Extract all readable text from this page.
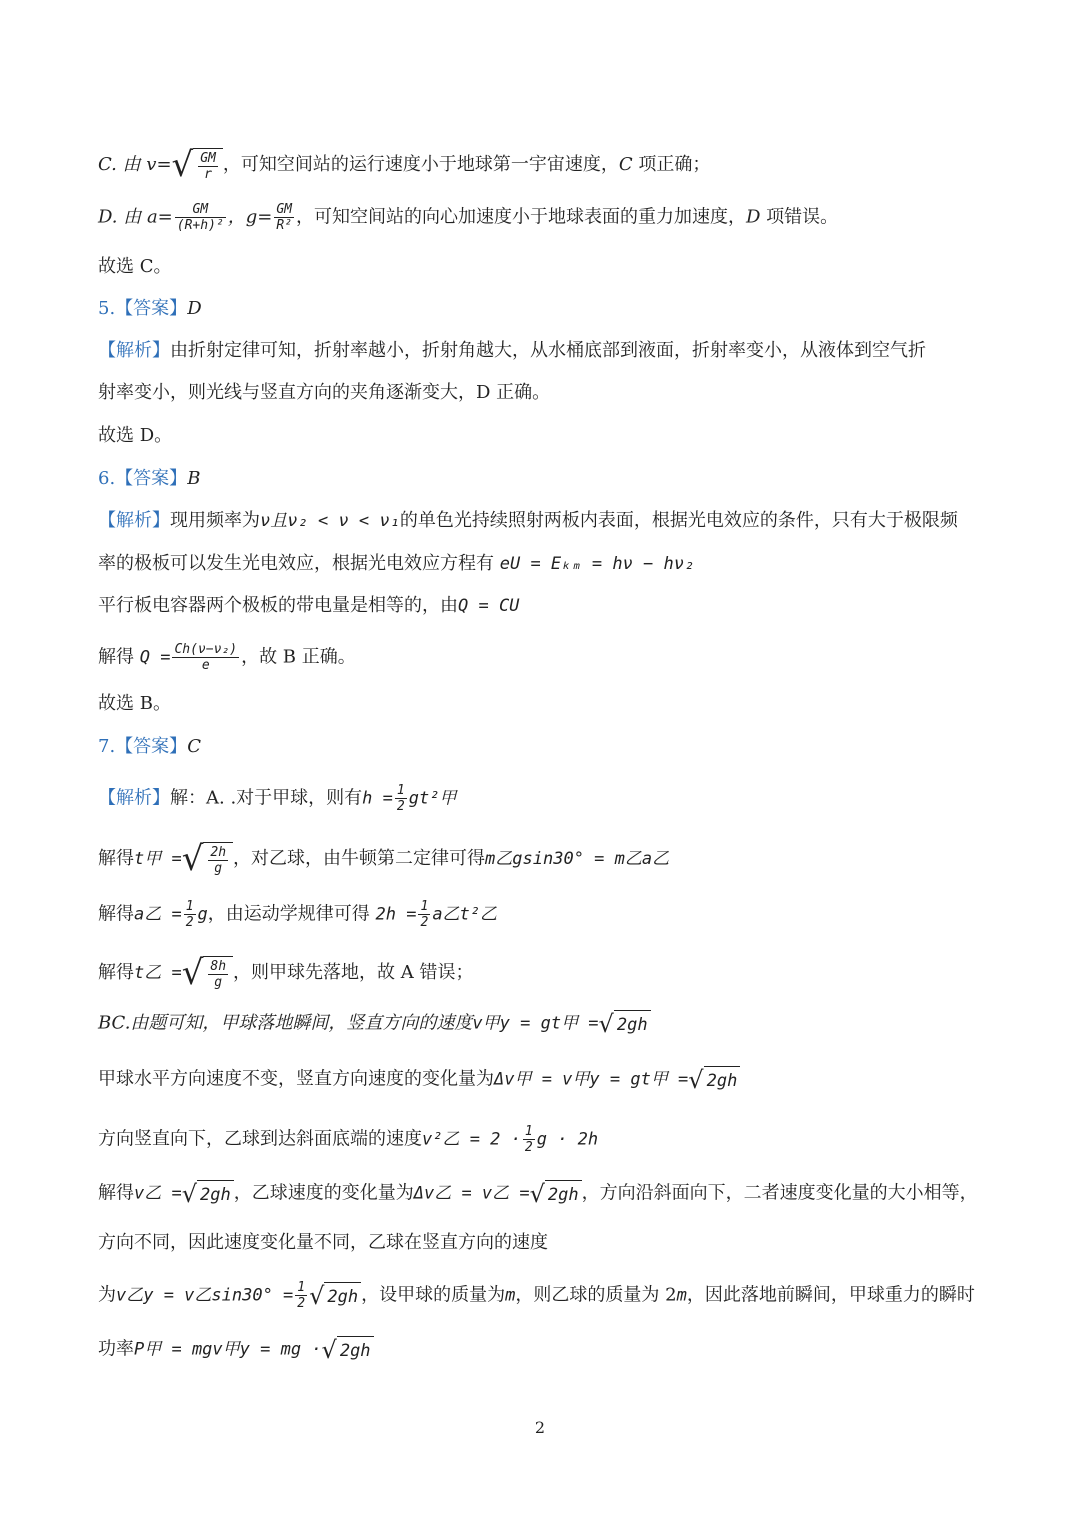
C. 由 $v=√ \frac{GM}{r}$ ，可知空间站的运行速度小于地球第一宇宙速度，C 项正确；
D. 由 $a= \frac{GM}{\text{(R+h)²}}$ ，$g= \frac{GM}{\text{R²}}$ ，可知空间站的向心加速度小于地球表面的重力加速度，D 项错误。
故选 C。
5.【答案】D
【解析】由折射定律可知，折射率越小，折射角越大，从水桶底部到液面，折射率变小，从液体到空气折
射率变小，则光线与竖直方向的夹角逐渐变大，D 正确。
故选 D。
6.【答案】B
【解析】现用频率为ν且ν₂ < ν < ν₁的单色光持续照射两板内表面，根据光电效应的条件，只有大于极限频
率的极板可以发生光电效应，根据光电效应方程有 eU = Eₖₘ = hν − hν₂
平行板电容器两个极板的带电量是相等的，由Q = CU
解得 $Q = \frac{\text{Ch(ν−ν₂)}}{e}$ ，故 B 正确。
故选 B。
7.【答案】C
【解析】解：A. .对于甲球，则有$h = \frac{1}{2} gt^2$甲
解得t甲 =√ $\frac{2h}{g}$ ，对乙球，由牛顿第二定律可得m乙gsin30° = m乙a乙
解得a乙 = $\frac{1}{2}$ g，由运动学规律可得 $2h = \frac{1}{2}$ a乙t²乙
解得t乙 =√ $\frac{8h}{g}$ ，则甲球先落地，故 A 错误；
BC.由题可知，甲球落地瞬间，竖直方向的速度v甲y = gt甲 =√ 2gh
甲球水平方向速度不变，竖直方向速度的变化量为Δv甲 = v甲y = gt甲 =√ 2gh
方向竖直向下，乙球到达斜面底端的速度v²乙 = $2 \cdot \frac{1}{2}$ g · 2h
解得v乙 =√ 2gh ，乙球速度的变化量为Δv乙 = v乙 =√ 2gh ，方向沿斜面向下，二者速度变化量的大小相等，
方向不同，因此速度变化量不同，乙球在竖直方向的速度
为v乙y = v乙$\sin 30^\circ = \frac{1}{2}$ √ 2gh ，设甲球的质量为m，则乙球的质量为 2m，因此落地前瞬间，甲球重力的瞬时
功率P甲 = mgv甲y = mg ·√ 2gh
2
